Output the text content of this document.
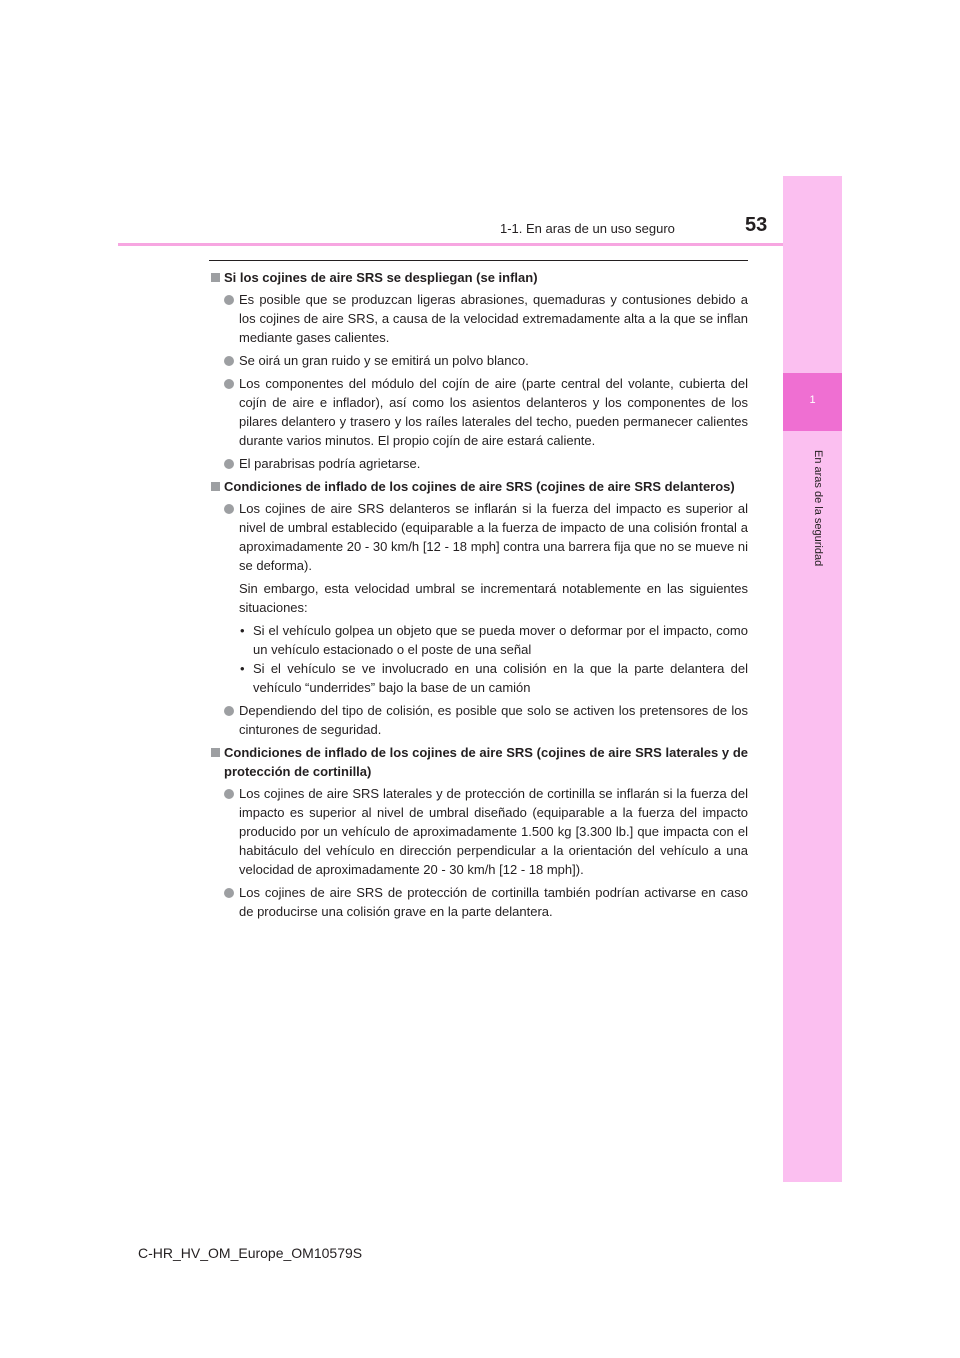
1
En aras de la seguridad
1-1. En aras de un uso seguro	53
Si los cojines de aire SRS se despliegan (se inflan)
Es posible que se produzcan ligeras abrasiones, quemaduras y contusiones debido a los cojines de aire SRS, a causa de la velocidad extremadamente alta a la que se inflan mediante gases calientes.
Se oirá un gran ruido y se emitirá un polvo blanco.
Los componentes del módulo del cojín de aire (parte central del volante, cubierta del cojín de aire e inflador), así como los asientos delanteros y los componentes de los pilares delantero y trasero y los raíles laterales del techo, pueden permanecer calientes durante varios minutos. El propio cojín de aire estará caliente.
El parabrisas podría agrietarse.
Condiciones de inflado de los cojines de aire SRS (cojines de aire SRS delanteros)
Los cojines de aire SRS delanteros se inflarán si la fuerza del impacto es superior al nivel de umbral establecido (equiparable a la fuerza de impacto de una colisión frontal a aproximadamente 20 - 30 km/h [12 - 18 mph] contra una barrera fija que no se mueve ni se deforma).
Sin embargo, esta velocidad umbral se incrementará notablemente en las siguientes situaciones:
• Si el vehículo golpea un objeto que se pueda mover o deformar por el impacto, como un vehículo estacionado o el poste de una señal
• Si el vehículo se ve involucrado en una colisión en la que la parte delantera del vehículo “underrides” bajo la base de un camión
Dependiendo del tipo de colisión, es posible que solo se activen los pretensores de los cinturones de seguridad.
Condiciones de inflado de los cojines de aire SRS (cojines de aire SRS laterales y de protección de cortinilla)
Los cojines de aire SRS laterales y de protección de cortinilla se inflarán si la fuerza del impacto es superior al nivel de umbral diseñado (equiparable a la fuerza del impacto producido por un vehículo de aproximadamente 1.500 kg [3.300 lb.] que impacta con el habitáculo del vehículo en dirección perpendicular a la orientación del vehículo a una velocidad de aproximadamente 20 - 30 km/h [12 - 18 mph]).
Los cojines de aire SRS de protección de cortinilla también podrían activarse en caso de producirse una colisión grave en la parte delantera.
C-HR_HV_OM_Europe_OM10579S
